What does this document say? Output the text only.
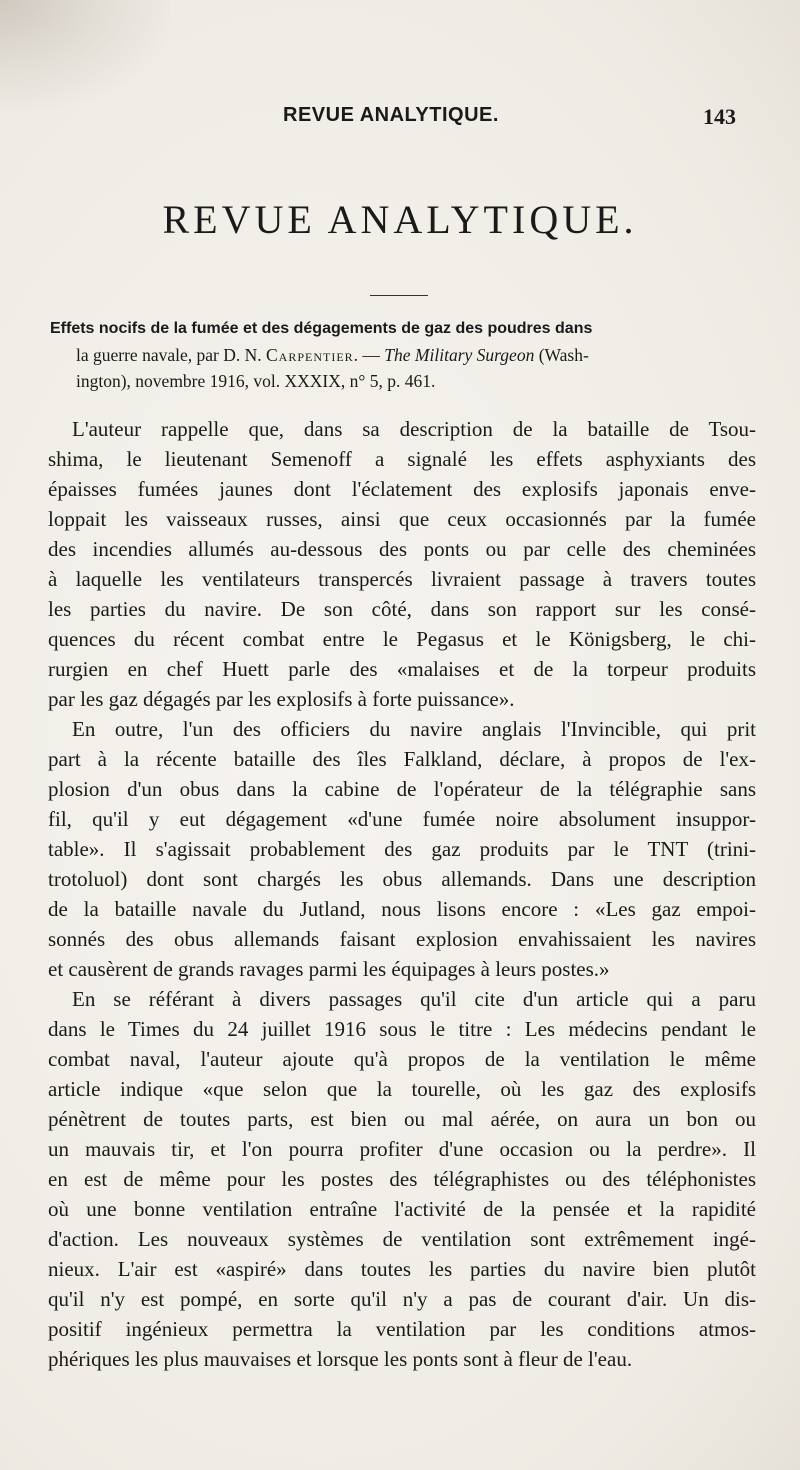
REVUE ANALYTIQUE.	143
REVUE ANALYTIQUE.
Effets nocifs de la fumée et des dégagements de gaz des poudres dans
la guerre navale, par D. N. Carpentier. — The Military Surgeon (Wash-
ington), novembre 1916, vol. XXXIX, n° 5, p. 461.
L'auteur rappelle que, dans sa description de la bataille de Tsou-
shima, le lieutenant Semenoff a signalé les effets asphyxiants des
épaisses fumées jaunes dont l'éclatement des explosifs japonais enve-
loppait les vaisseaux russes, ainsi que ceux occasionnés par la fumée
des incendies allumés au-dessous des ponts ou par celle des cheminées
à laquelle les ventilateurs transpercés livraient passage à travers toutes
les parties du navire. De son côté, dans son rapport sur les consé-
quences du récent combat entre le Pegasus et le Königsberg, le chi-
rurgien en chef Huett parle des «malaises et de la torpeur produits
par les gaz dégagés par les explosifs à forte puissance».
En outre, l'un des officiers du navire anglais l'Invincible, qui prit
part à la récente bataille des îles Falkland, déclare, à propos de l'ex-
plosion d'un obus dans la cabine de l'opérateur de la télégraphie sans
fil, qu'il y eut dégagement «d'une fumée noire absolument insuppor-
table». Il s'agissait probablement des gaz produits par le TNT (trini-
trotoluol) dont sont chargés les obus allemands. Dans une description
de la bataille navale du Jutland, nous lisons encore : «Les gaz empoi-
sonnés des obus allemands faisant explosion envahissaient les navires
et causèrent de grands ravages parmi les équipages à leurs postes.»
En se référant à divers passages qu'il cite d'un article qui a paru
dans le Times du 24 juillet 1916 sous le titre : Les médecins pendant le
combat naval, l'auteur ajoute qu'à propos de la ventilation le même
article indique «que selon que la tourelle, où les gaz des explosifs
pénètrent de toutes parts, est bien ou mal aérée, on aura un bon ou
un mauvais tir, et l'on pourra profiter d'une occasion ou la perdre». Il
en est de même pour les postes des télégraphistes ou des téléphonistes
où une bonne ventilation entraîne l'activité de la pensée et la rapidité
d'action. Les nouveaux systèmes de ventilation sont extrêmement ingé-
nieux. L'air est «aspiré» dans toutes les parties du navire bien plutôt
qu'il n'y est pompé, en sorte qu'il n'y a pas de courant d'air. Un dis-
positif ingénieux permettra la ventilation par les conditions atmos-
phériques les plus mauvaises et lorsque les ponts sont à fleur de l'eau.
